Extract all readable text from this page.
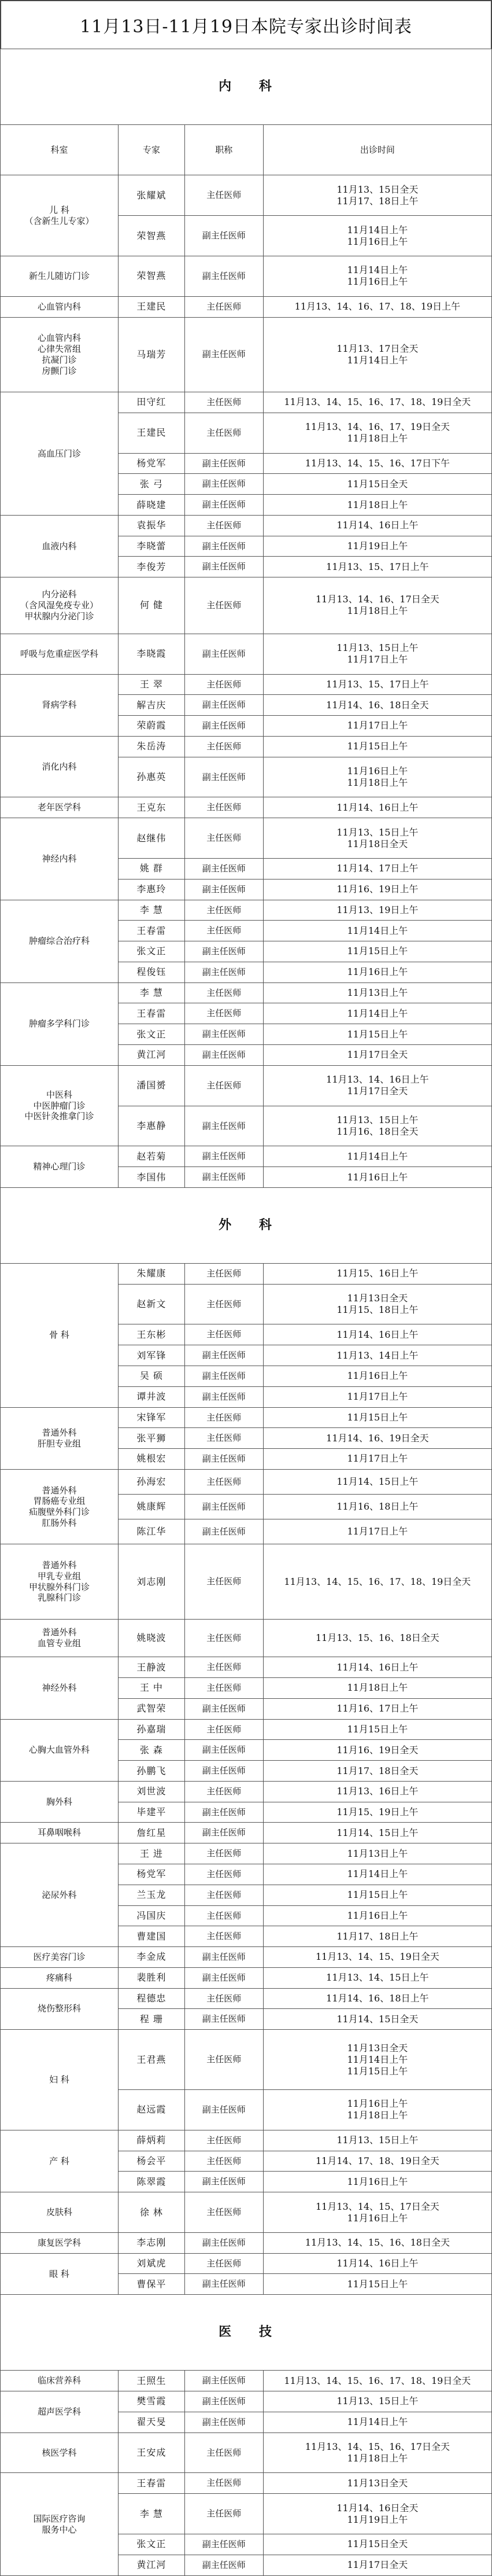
11月13日-11月19日本院专家出诊时间表
内 科			
科室	专家	职称	出诊时间
儿 科
（含新生儿专家）	张耀斌	主任医师	11月13、15日全天
11月17、18日上午
	荣智燕	副主任医师	11月14日上午
11月16日上午
新生儿随访门诊	荣智燕	副主任医师	11月14日上午
11月16日上午
心血管内科	王建民	主任医师	11月13、14、16、17、18、19日上午
心血管内科
心律失常组
抗凝门诊
房颤门诊	马瑞芳	副主任医师	11月13、17日全天
11月14日上午
高血压门诊	田守红	主任医师	11月13、14、15、16、17、18、19日全天
	王建民	主任医师	11月13、14、16、17、19日全天
11月18日上午
	杨党军	副主任医师	11月13、14、15、16、17日下午
	张 弓	副主任医师	11月15日全天
	薛晓建	副主任医师	11月18日上午
血液内科	袁振华	主任医师	11月14、16日上午
	李晓蕾	副主任医师	11月19日上午
	李俊芳	副主任医师	11月13、15、17日上午
内分泌科
（含风湿免疫专业）
甲状腺内分泌门诊	何 健	主任医师	11月13、14、16、17日全天
11月18日上午
呼吸与危重症医学科	李晓霞	副主任医师	11月13、15日上午
11月17日上午
肾病学科	王 翠	主任医师	11月13、15、17日上午
	解吉庆	副主任医师	11月14、16、18日全天
	荣蔚霞	副主任医师	11月17日上午
消化内科	朱岳涛	主任医师	11月15日上午
	孙惠英	副主任医师	11月16日上午
11月18日上午
老年医学科	王克东	主任医师	11月14、16日上午
神经内科	赵继伟	主任医师	11月13、15日上午
11月18日全天
	姚 群	副主任医师	11月14、17日上午
	李惠玲	副主任医师	11月16、19日上午
肿瘤综合治疗科	李 慧	主任医师	11月13、19日上午
	王春雷	主任医师	11月14日上午
	张文正	副主任医师	11月15日上午
	程俊钰	副主任医师	11月16日上午
肿瘤多学科门诊	李 慧	主任医师	11月13日上午
	王春雷	主任医师	11月14日上午
	张文正	副主任医师	11月15日上午
	黄江河	副主任医师	11月17日全天
中医科
中医肿瘤门诊
中医针灸推拿门诊	潘国赟	主任医师	11月13、14、16日上午
11月17日全天
	李惠静	副主任医师	11月13、15日上午
11月16、18日全天
精神心理门诊	赵若菊	副主任医师	11月14日上午
	李国伟	副主任医师	11月16日上午
外 科			
骨 科	朱耀康	主任医师	11月15、16日上午
	赵新文	主任医师	11月13日全天
11月15、18日上午
	王东彬	主任医师	11月14、16日上午
	刘军锋	副主任医师	11月13、14日上午
	吴 硕	副主任医师	11月16日上午
	谭井波	副主任医师	11月17日上午
普通外科
肝胆专业组	宋锋军	主任医师	11月15日上午
	张平狮	主任医师	11月14、16、19日全天
	姚根宏	副主任医师	11月17日上午
普通外科
胃肠癌专业组
疝腹壁外科门诊
肛肠外科	孙海宏	主任医师	11月14、15日上午
	姚康辉	副主任医师	11月16、18日上午
	陈江华	副主任医师	11月17日上午
普通外科
甲乳专业组
甲状腺外科门诊
乳腺科门诊	刘志刚	主任医师	11月13、14、15、16、17、18、19日全天
普通外科
血管专业组	姚晓波	主任医师	11月13、15、16、18日全天
神经外科	王静波	主任医师	11月14、16日上午
	王 中	主任医师	11月18日上午
	武智荣	副主任医师	11月16、17日上午
心胸大血管外科	孙嘉瑞	主任医师	11月15日上午
	张 森	副主任医师	11月16、19日全天
	孙鹏飞	副主任医师	11月17、18日全天
胸外科	刘世波	主任医师	11月13、16日上午
	毕建平	副主任医师	11月15、19日上午
耳鼻咽喉科	詹红星	副主任医师	11月14、15日上午
泌尿外科	王 进	主任医师	11月13日上午
	杨党军	主任医师	11月14日上午
	兰玉龙	主任医师	11月15日上午
	冯国庆	主任医师	11月16日上午
	曹建国	主任医师	11月17、18日上午
医疗美容门诊	李金成	副主任医师	11月13、14、15、19日全天
疼痛科	裴胜利	副主任医师	11月13、14、15日上午
烧伤整形科	程德忠	主任医师	11月14、16、18日上午
	程 珊	副主任医师	11月14、15日全天
妇 科	王君燕	主任医师	11月13日全天
11月14日上午
11月15日上午
	赵远霞	副主任医师	11月16日上午
11月18日上午
产 科	薛炳莉	主任医师	11月13、15日上午
	杨会平	主任医师	11月14、17、18、19日全天
	陈翠霞	副主任医师	11月16日上午
皮肤科	徐 林	主任医师	11月13、14、15、17日全天
11月16日上午
康复医学科	李志刚	副主任医师	11月13、14、15、16、18日全天
眼 科	刘斌虎	主任医师	11月14、16日上午
	曹保平	副主任医师	11月15日上午
医 技			
临床营养科	王照生	副主任医师	11月13、14、15、16、17、18、19日全天
超声医学科	樊雪霞	副主任医师	11月13、15日上午
	翟天旻	副主任医师	11月14日上午
核医学科	王安成	主任医师	11月13、14、15、16、17日全天
11月18日上午
国际医疗咨询
服务中心	王春雷	主任医师	11月13日全天
	李 慧	主任医师	11月14、16日全天
11月19日上午
	张文正	副主任医师	11月15日全天
	黄江河	副主任医师	11月17日全天
